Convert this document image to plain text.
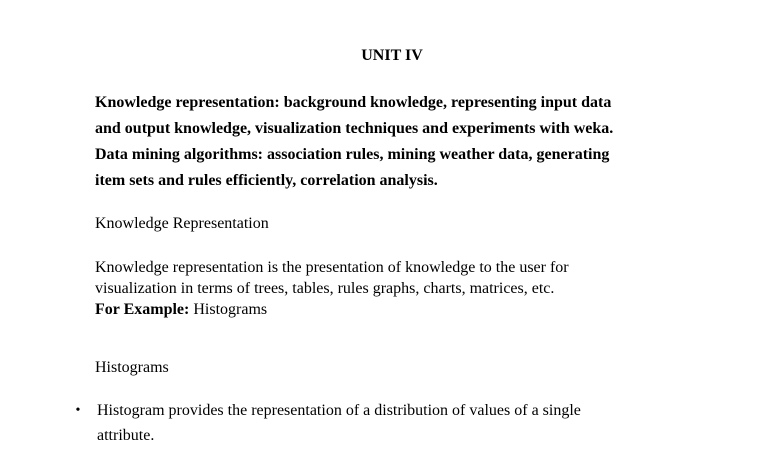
UNIT IV
Knowledge representation: background knowledge, representing input data
and output knowledge, visualization techniques and experiments with weka.
Data mining algorithms: association rules, mining weather data, generating
item sets and rules efficiently, correlation analysis.
Knowledge Representation
Knowledge representation is the presentation of knowledge to the user for
visualization in terms of trees, tables, rules graphs, charts, matrices, etc.
For Example: Histograms
Histograms
• Histogram provides the representation of a distribution of values of a single
attribute.
